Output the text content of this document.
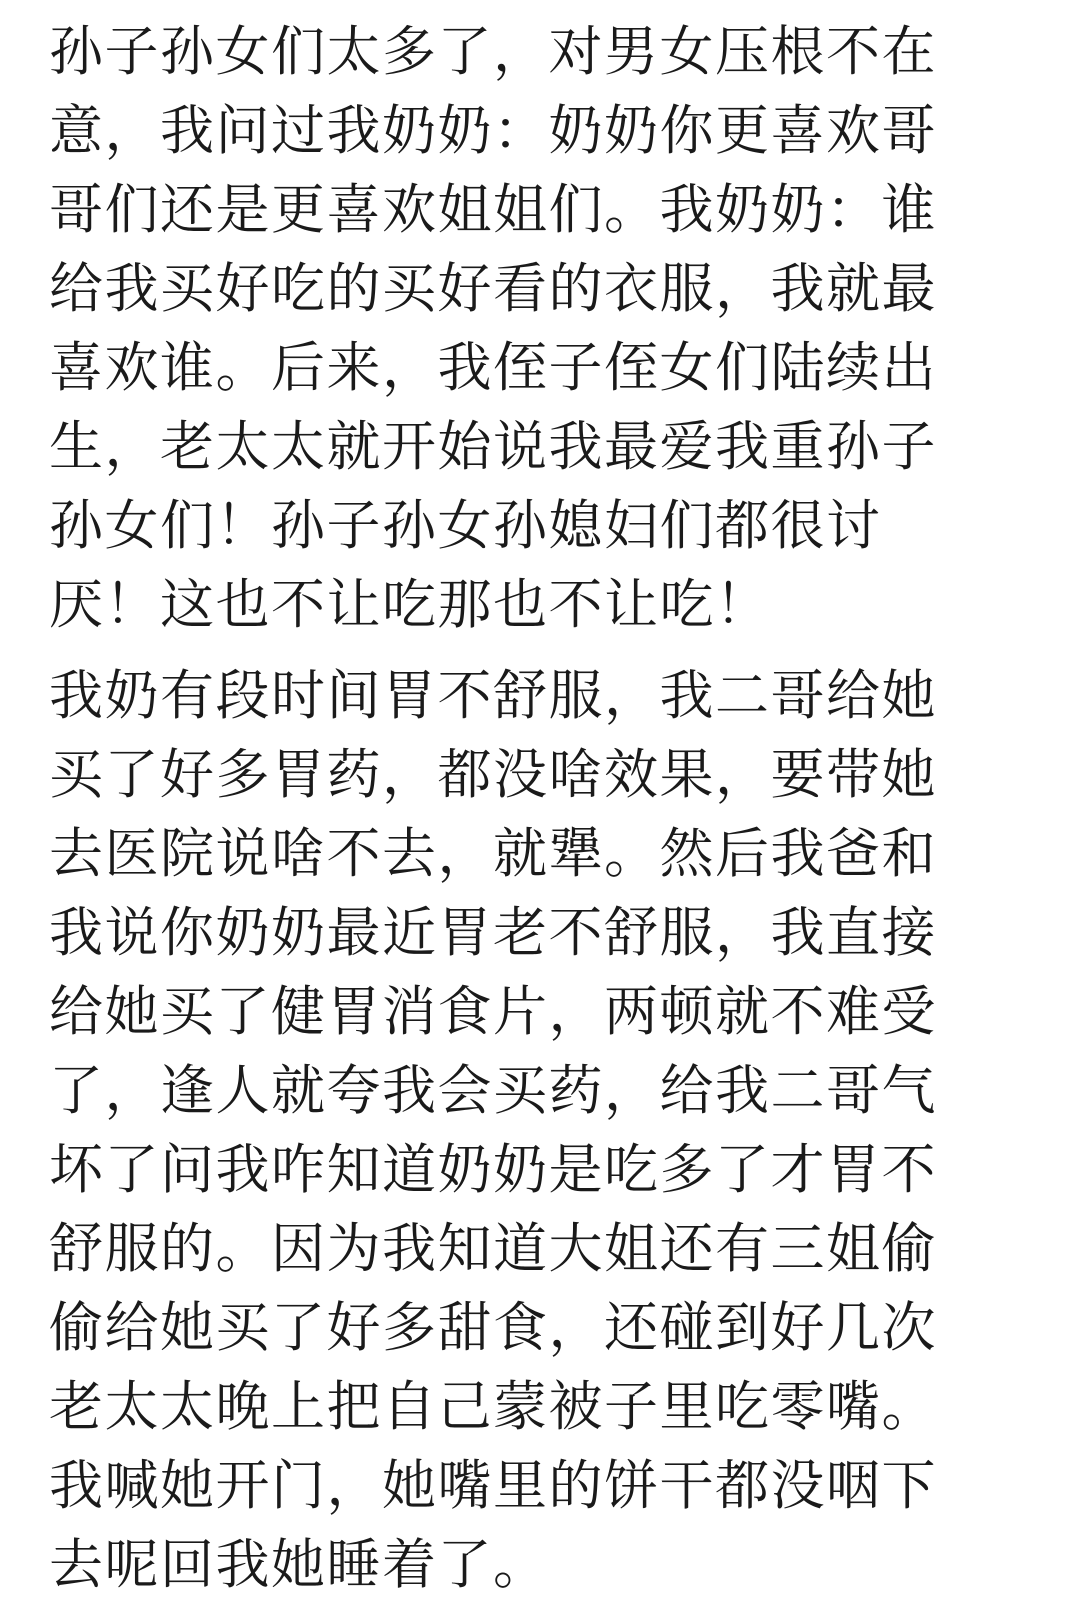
孙子孙女们太多了，对男女压根不在
意，我问过我奶奶：奶奶你更喜欢哥
哥们还是更喜欢姐姐们。我奶奶：谁
给我买好吃的买好看的衣服，我就最
喜欢谁。后来，我侄子侄女们陆续出
生，老太太就开始说我最爱我重孙子
孙女们！孙子孙女孙媳妇们都很讨
厌！这也不让吃那也不让吃！
我奶有段时间胃不舒服，我二哥给她
买了好多胃药，都没啥效果，要带她
去医院说啥不去，就犟。然后我爸和
我说你奶奶最近胃老不舒服，我直接
给她买了健胃消食片，两顿就不难受
了，逢人就夸我会买药，给我二哥气
坏了问我咋知道奶奶是吃多了才胃不
舒服的。因为我知道大姐还有三姐偷
偷给她买了好多甜食，还碰到好几次
老太太晚上把自己蒙被子里吃零嘴。
我喊她开门，她嘴里的饼干都没咽下
去呢回我她睡着了。
